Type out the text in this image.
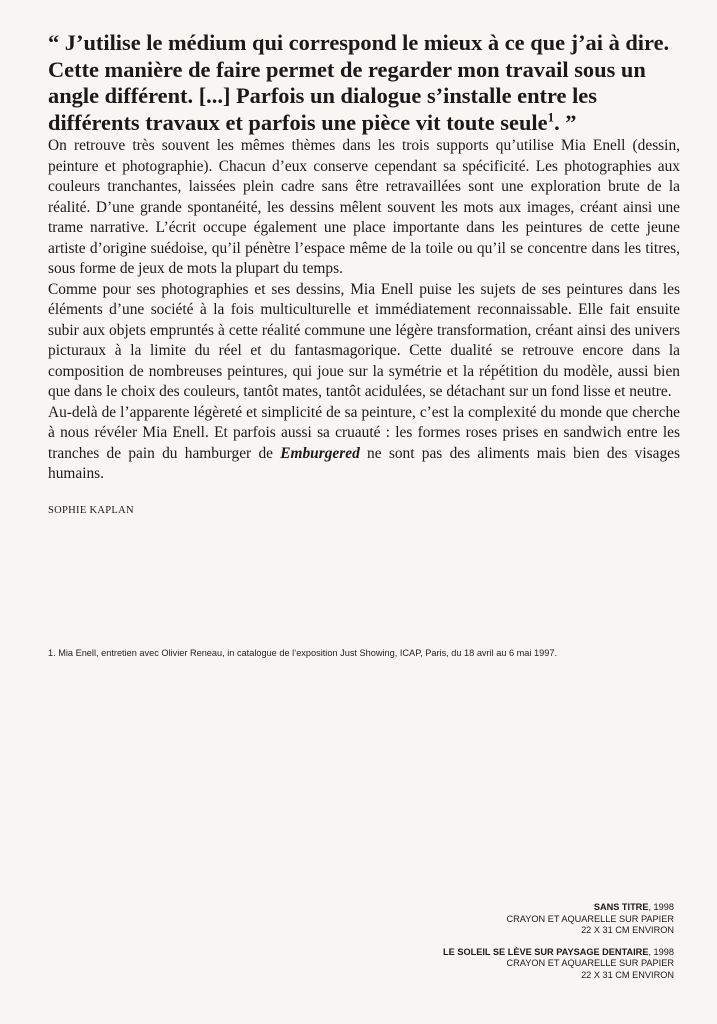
“ J’utilise le médium qui correspond le mieux à ce que j’ai à dire. Cette manière de faire permet de regarder mon travail sous un angle différent. [...] Parfois un dialogue s’installe entre les différents travaux et parfois une pièce vit toute seule$^1$. ”

On retrouve très souvent les mêmes thèmes dans les trois supports qu’utilise Mia Enell (dessin, peinture et photographie). Chacun d’eux conserve cependant sa spécificité. Les photographies aux couleurs tranchantes, laissées plein cadre sans être retravaillées sont une exploration brute de la réalité. D’une grande spontanéité, les dessins mêlent souvent les mots aux images, créant ainsi une trame narrative. L’écrit occupe également une place importante dans les peintures de cette jeune artiste d’origine suédoise, qu’il pénètre l’espace même de la toile ou qu’il se concentre dans les titres, sous forme de jeux de mots la plupart du temps.

Comme pour ses photographies et ses dessins, Mia Enell puise les sujets de ses peintures dans les éléments d’une société à la fois multiculturelle et immédiatement reconnaissable. Elle fait ensuite subir aux objets empruntés à cette réalité commune une légère transformation, créant ainsi des univers picturaux à la limite du réel et du fantasmagorique. Cette dualité se retrouve encore dans la composition de nombreuses peintures, qui joue sur la symétrie et la répétition du modèle, aussi bien que dans le choix des couleurs, tantôt mates, tantôt acidulées, se détachant sur un fond lisse et neutre.

Au-delà de l’apparente légèreté et simplicité de sa peinture, c’est la complexité du monde que cherche à nous révéler Mia Enell. Et parfois aussi sa cruauté : les formes roses prises en sandwich entre les tranches de pain du hamburger de Emburgered ne sont pas des aliments mais bien des visages humains.

SOPHIE KAPLAN
1. Mia Enell, entretien avec Olivier Reneau, in catalogue de l’exposition Just Showing, ICAP, Paris, du 18 avril au 6 mai 1997.
SANS TITRE, 1998
CRAYON ET AQUARELLE SUR PAPIER
22 X 31 CM ENVIRON
LE SOLEIL SE LÈVE SUR PAYSAGE DENTAIRE, 1998
CRAYON ET AQUARELLE SUR PAPIER
22 X 31 CM ENVIRON
